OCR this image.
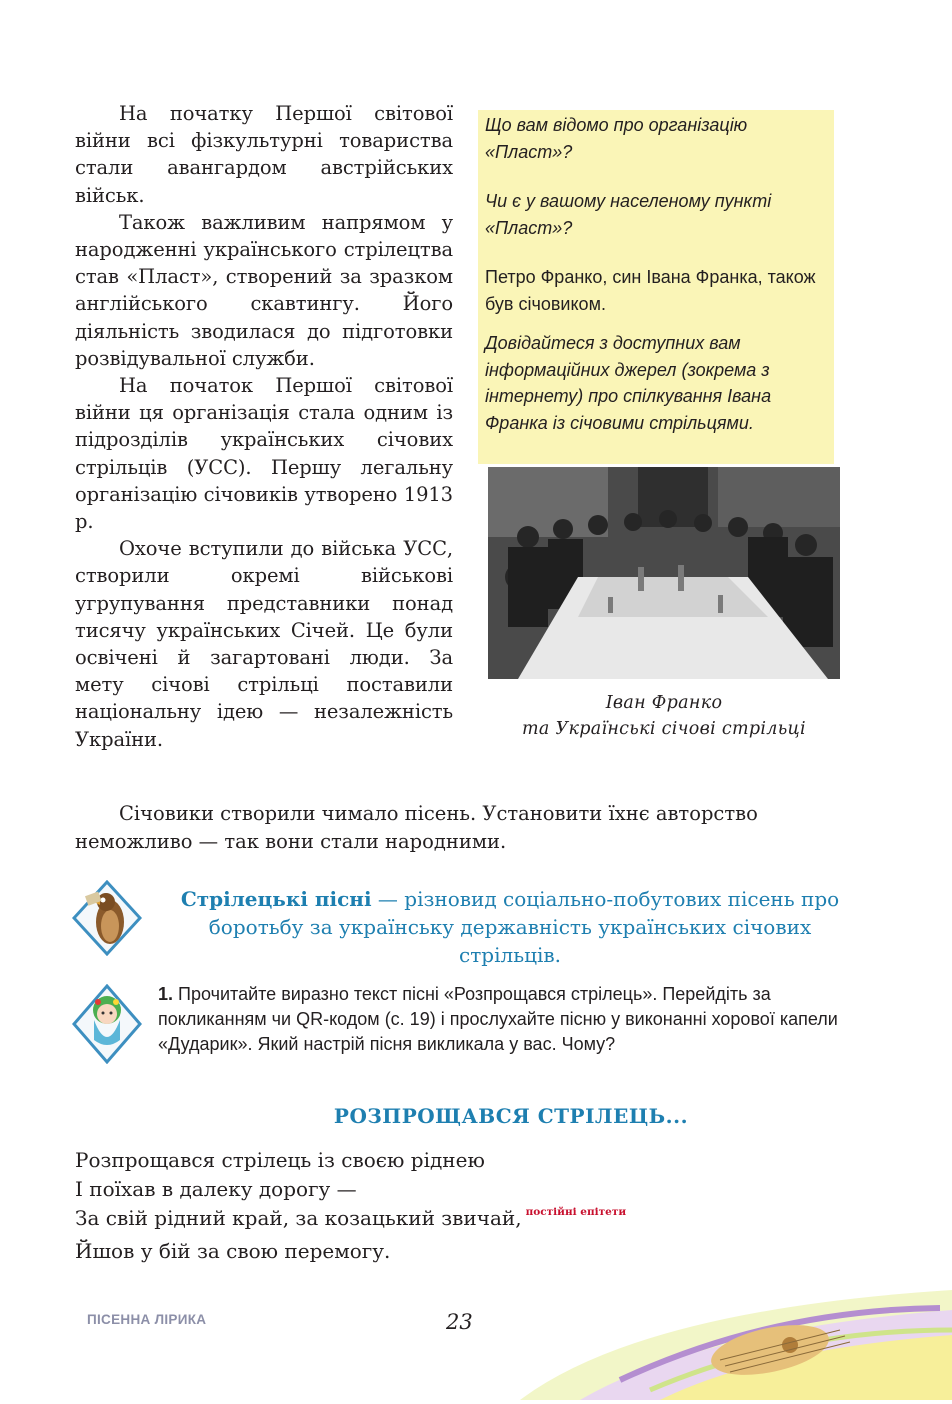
На початку Першої світової війни всі фізкультурні товариства стали авангардом австрійських військ.

Також важливим напрямом у народженні українського стрілецтва став «Пласт», створений за зразком англійського скавтингу. Його діяльність зводилася до підготовки розвідувальної служби.

На початок Першої світової війни ця організація стала одним із підрозділів українських січових стрільців (УСС). Першу легальну організацію січовиків утворено 1913 р.

Охоче вступили до війська УСС, створили окремі військові угрупування представники понад тисячу українських Січей. Це були освічені й загартовані люди. За мету січові стрільці поставили національну ідею — незалежність України.

Що вам відомо про організацію «Пласт»?

Чи є у вашому населеному пункті «Пласт»?

Петро Франко, син Івана Франка, також був січовиком.

Довідайтеся з доступних вам інформаційних джерел (зокрема з інтернету) про спілкування Івана Франка із січовими стрільцями.

Іван Франко
та Українські січові стрільці

Січовики створили чимало пісень. Установити їхнє авторство неможливо — так вони стали народними.

Стрілецькі пісні — різновид соціально-побутових пісень про боротьбу за українську державність українських січових стрільців.
1. Прочитайте виразно текст пісні «Розпрощався стрілець». Перейдіть за покликанням чи QR-кодом (с. 19) і прослухайте пісню у виконанні хорової капели «Дударик». Який настрій пісня викликала у вас. Чому?
РОЗПРОЩАВСЯ СТРІЛЕЦЬ...
Розпрощався стрілець із своєю ріднею
І поїхав в далеку дорогу —
За свій рідний край, за козацький звичай, $^{постійні епітети}$
Йшов у бій за свою перемогу.
ПІСЕННА ЛІРИКА	23
